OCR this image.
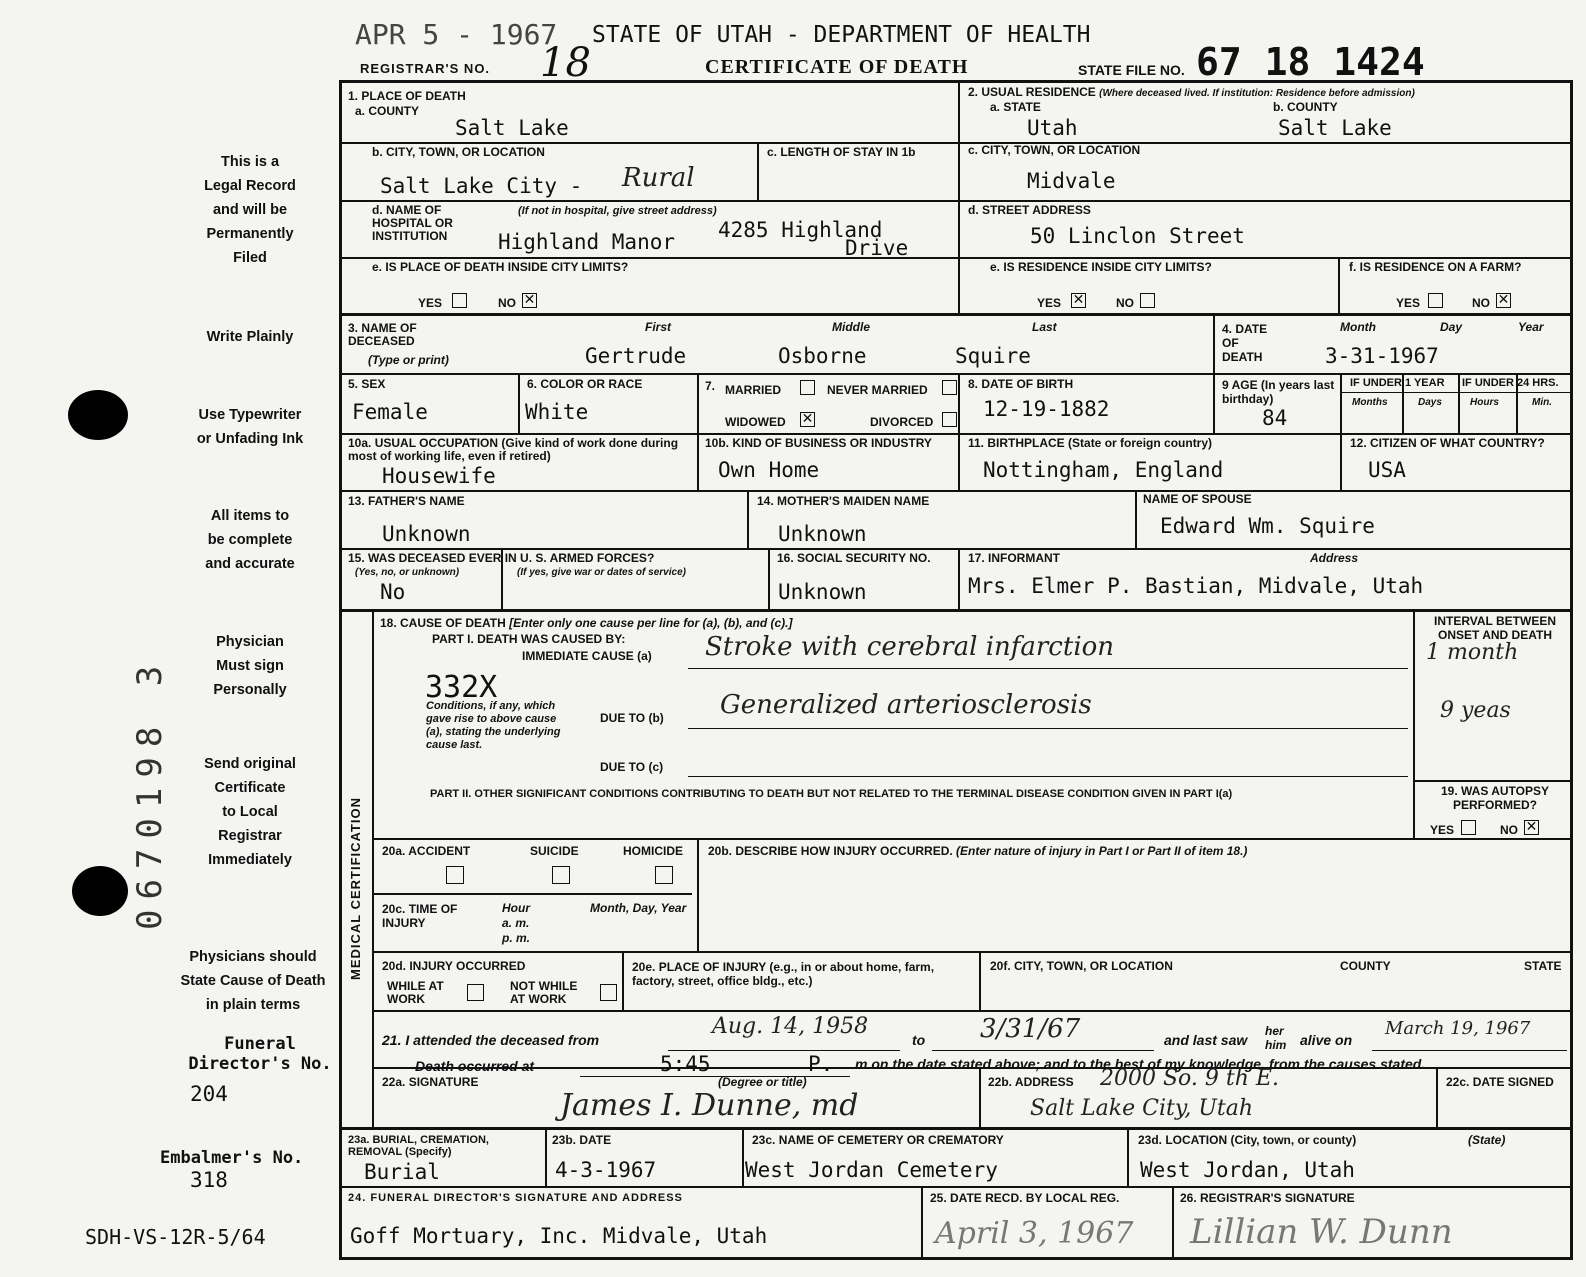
APR 5 - 1967 STATE OF UTAH - DEPARTMENT OF HEALTH
REGISTRAR'S NO. 18	CERTIFICATE OF DEATH	STATE FILE NO. 67 18 1424
This is a
Legal Record
and will be
Permanently
Filed
Write Plainly
Use Typewriter
or Unfading Ink
All items to
be complete
and accurate
Physician
Must sign
Personally
Send original
Certificate
to Local
Registrar
Immediately
Physicians should
State Cause of Death
in plain terms
Funeral
Director's No.
204
Embalmer's No.
318
SDH-VS-12R-5/64
0670198 3
1. PLACE OF DEATH
a. COUNTY
Salt Lake
2. USUAL RESIDENCE (Where deceased lived. If institution: Residence before admission)
a. STATE	b. COUNTY
Utah	Salt Lake
b. CITY, TOWN, OR LOCATION
Salt Lake City - Rural
c. LENGTH OF STAY IN 1b	c. CITY, TOWN, OR LOCATION
Midvale
d. NAME OF HOSPITAL OR INSTITUTION
(If not in hospital, give street address)
Highland Manor 4285 Highland
Drive
d. STREET ADDRESS
50 Linclon Street
e. IS PLACE OF DEATH INSIDE CITY LIMITS?
YES	NO ✕
e. IS RESIDENCE INSIDE CITY LIMITS?
YES ✕	NO
f. IS RESIDENCE ON A FARM?
YES	NO ✕
3. NAME OF DECEASED
(Type or print)
First	Middle	Last
Gertrude	Osborne	Squire
4. DATE OF DEATH
Month	Day	Year
3-31-1967
5. SEX
Female
6. COLOR OR RACE
White
7. MARRIED	NEVER MARRIED
WIDOWED ✕	DIVORCED
8. DATE OF BIRTH
12-19-1882
9 AGE (In years last birthday)
84
IF UNDER 1 YEAR IF UNDER 24 HRS.
Months	Days	Hours	Min.
10a. USUAL OCCUPATION (Give kind of work done during most of working life, even if retired)
Housewife
10b. KIND OF BUSINESS OR INDUSTRY
Own Home
11. BIRTHPLACE (State or foreign country)
Nottingham, England
12. CITIZEN OF WHAT COUNTRY?
USA
13. FATHER'S NAME
Unknown
14. MOTHER'S MAIDEN NAME
Unknown
NAME OF SPOUSE
Edward Wm. Squire
15. WAS DECEASED EVER IN U. S. ARMED FORCES?
(Yes, no, or unknown)	(If yes, give war or dates of service)
No
16. SOCIAL SECURITY NO.
Unknown
17. INFORMANT	Address
Mrs. Elmer P. Bastian, Midvale, Utah
MEDICAL CERTIFICATION
18. CAUSE OF DEATH [Enter only one cause per line for (a), (b), and (c).]
PART I. DEATH WAS CAUSED BY:
IMMEDIATE CAUSE (a) Stroke with cerebral infarction
332X
Conditions, if any, which gave rise to above cause (a), stating the underlying cause last.
DUE TO (b) Generalized arteriosclerosis
DUE TO (c)
INTERVAL BETWEEN ONSET AND DEATH
1 month
9 yeas
PART II. OTHER SIGNIFICANT CONDITIONS CONTRIBUTING TO DEATH BUT NOT RELATED TO THE TERMINAL DISEASE CONDITION GIVEN IN PART I(a)	19. WAS AUTOPSY PERFORMED?
YES	NO ✕
20a. ACCIDENT	SUICIDE	HOMICIDE 20b. DESCRIBE HOW INJURY OCCURRED. (Enter nature of injury in Part I or Part II of item 18.)
20c. TIME OF INJURY
Hour
a. m.
p. m.
Month, Day, Year
20d. INJURY OCCURRED
WHILE AT WORK
NOT WHILE AT WORK
20e. PLACE OF INJURY (e.g., in or about home, farm, factory, street, office bldg., etc.)
20f. CITY, TOWN, OR LOCATION	COUNTY	STATE
21. I attended the deceased from
Aug. 14, 1958
to 3/31/67	and last saw
her him alive on
March 19, 1967
Death occurred at	5:45	P. m on the date stated above; and to the best of my knowledge, from the causes stated.
22a. SIGNATURE	(Degree or title)
James I. Dunne, md
22b. ADDRESS 2000 So. 9 th E.
Salt Lake City, Utah
22c. DATE SIGNED
23a. BURIAL, CREMATION, REMOVAL (Specify)
Burial
23b. DATE
4-3-1967
23c. NAME OF CEMETERY OR CREMATORY
West Jordan Cemetery
23d. LOCATION (City, town, or county)	(State)
West Jordan, Utah
24. FUNERAL DIRECTOR'S SIGNATURE AND ADDRESS
Goff Mortuary, Inc. Midvale, Utah
25. DATE RECD. BY LOCAL REG.
April 3, 1967
26. REGISTRAR'S SIGNATURE
Lillian W. Dunn
